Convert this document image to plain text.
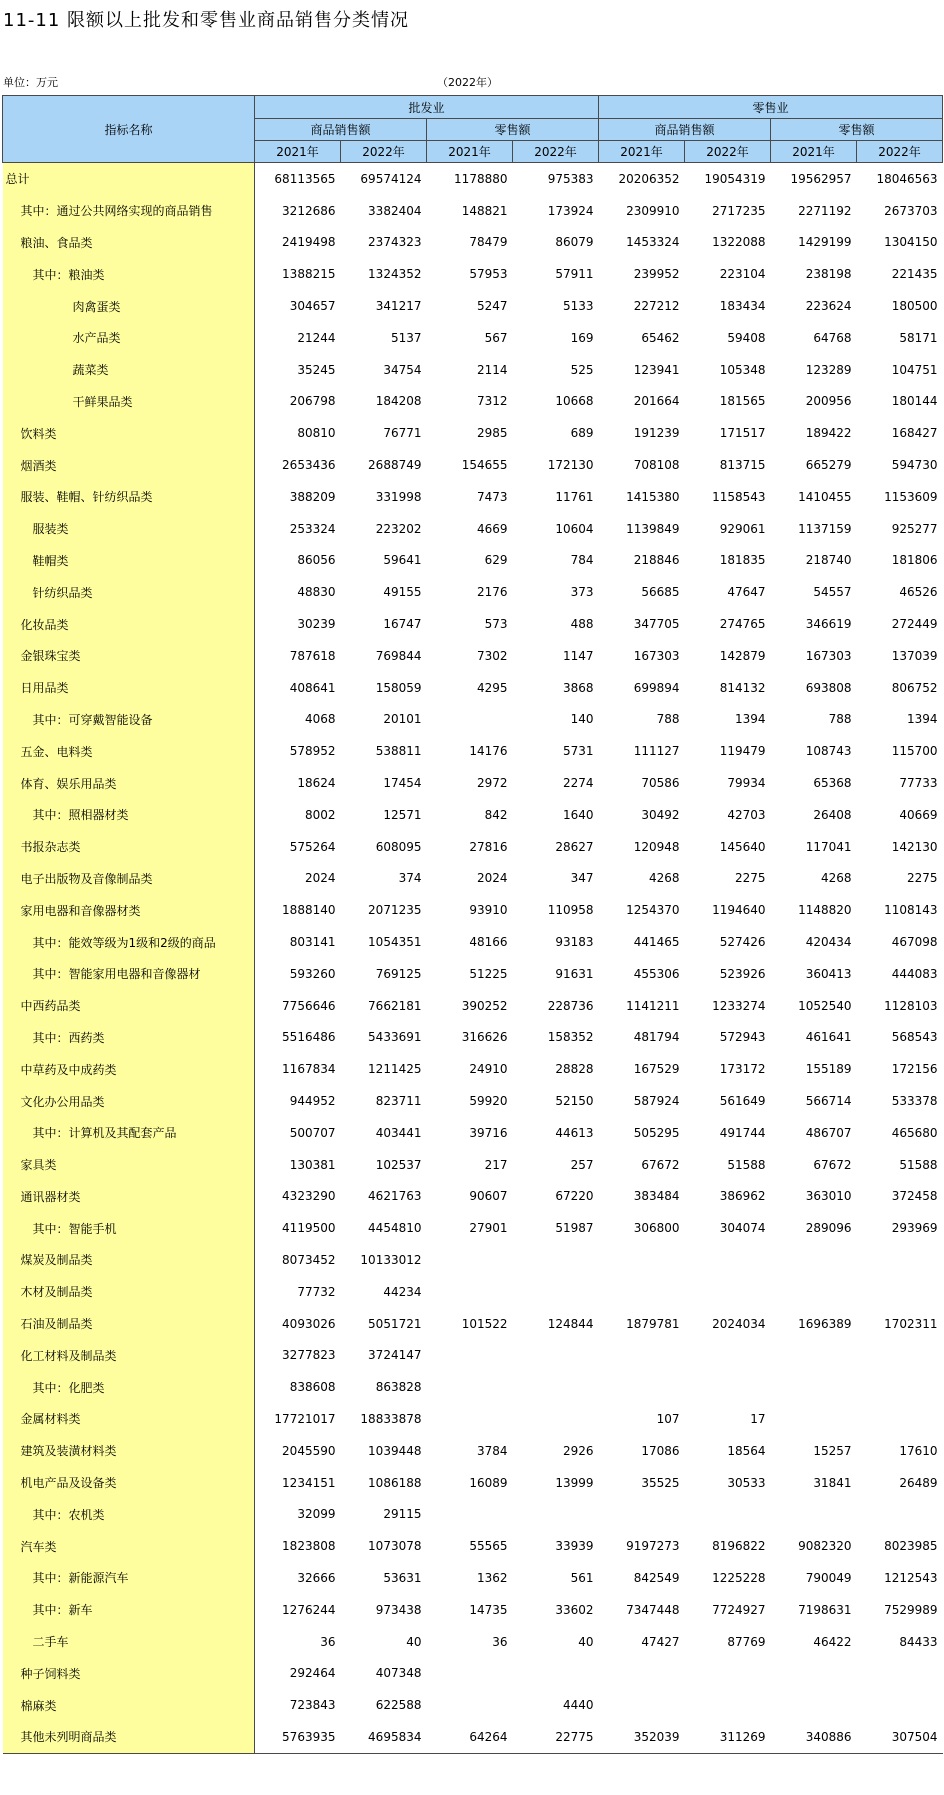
11-11 限额以上批发和零售业商品销售分类情况
单位：万元	（2022年）
指标名称	批发业				零售业			
	商品销售额		零售额		商品销售额		零售额	
	2021年	2022年	2021年	2022年	2021年	2022年	2021年	2022年
总计	68113565	69574124	1178880	975383	20206352	19054319	19562957	18046563
其中：通过公共网络实现的商品销售	3212686	3382404	148821	173924	2309910	2717235	2271192	2673703
粮油、食品类	2419498	2374323	78479	86079	1453324	1322088	1429199	1304150
其中：粮油类	1388215	1324352	57953	57911	239952	223104	238198	221435
肉禽蛋类	304657	341217	5247	5133	227212	183434	223624	180500
水产品类	21244	5137	567	169	65462	59408	64768	58171
蔬菜类	35245	34754	2114	525	123941	105348	123289	104751
干鲜果品类	206798	184208	7312	10668	201664	181565	200956	180144
饮料类	80810	76771	2985	689	191239	171517	189422	168427
烟酒类	2653436	2688749	154655	172130	708108	813715	665279	594730
服装、鞋帽、针纺织品类	388209	331998	7473	11761	1415380	1158543	1410455	1153609
服装类	253324	223202	4669	10604	1139849	929061	1137159	925277
鞋帽类	86056	59641	629	784	218846	181835	218740	181806
针纺织品类	48830	49155	2176	373	56685	47647	54557	46526
化妆品类	30239	16747	573	488	347705	274765	346619	272449
金银珠宝类	787618	769844	7302	1147	167303	142879	167303	137039
日用品类	408641	158059	4295	3868	699894	814132	693808	806752
其中：可穿戴智能设备	4068	20101		140	788	1394	788	1394
五金、电料类	578952	538811	14176	5731	111127	119479	108743	115700
体育、娱乐用品类	18624	17454	2972	2274	70586	79934	65368	77733
其中：照相器材类	8002	12571	842	1640	30492	42703	26408	40669
书报杂志类	575264	608095	27816	28627	120948	145640	117041	142130
电子出版物及音像制品类	2024	374	2024	347	4268	2275	4268	2275
家用电器和音像器材类	1888140	2071235	93910	110958	1254370	1194640	1148820	1108143
其中：能效等级为1级和2级的商品	803141	1054351	48166	93183	441465	527426	420434	467098
其中：智能家用电器和音像器材	593260	769125	51225	91631	455306	523926	360413	444083
中西药品类	7756646	7662181	390252	228736	1141211	1233274	1052540	1128103
其中：西药类	5516486	5433691	316626	158352	481794	572943	461641	568543
中草药及中成药类	1167834	1211425	24910	28828	167529	173172	155189	172156
文化办公用品类	944952	823711	59920	52150	587924	561649	566714	533378
其中：计算机及其配套产品	500707	403441	39716	44613	505295	491744	486707	465680
家具类	130381	102537	217	257	67672	51588	67672	51588
通讯器材类	4323290	4621763	90607	67220	383484	386962	363010	372458
其中：智能手机	4119500	4454810	27901	51987	306800	304074	289096	293969
煤炭及制品类	8073452	10133012						
木材及制品类	77732	44234						
石油及制品类	4093026	5051721	101522	124844	1879781	2024034	1696389	1702311
化工材料及制品类	3277823	3724147						
其中：化肥类	838608	863828						
金属材料类	17721017	18833878			107	17		
建筑及装潢材料类	2045590	1039448	3784	2926	17086	18564	15257	17610
机电产品及设备类	1234151	1086188	16089	13999	35525	30533	31841	26489
其中：农机类	32099	29115						
汽车类	1823808	1073078	55565	33939	9197273	8196822	9082320	8023985
其中：新能源汽车	32666	53631	1362	561	842549	1225228	790049	1212543
其中：新车	1276244	973438	14735	33602	7347448	7724927	7198631	7529989
二手车	36	40	36	40	47427	87769	46422	84433
种子饲料类	292464	407348						
棉麻类	723843	622588		4440				
其他未列明商品类	5763935	4695834	64264	22775	352039	311269	340886	307504
